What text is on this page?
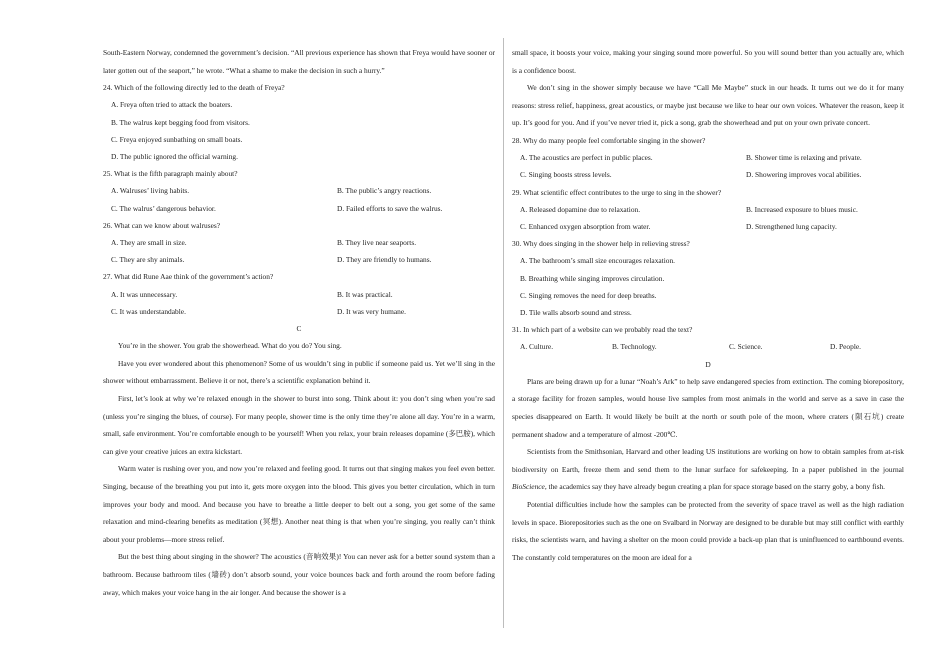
South-Eastern Norway, condemned the government’s decision. “All previous experience has shown that Freya would have sooner or later gotten out of the seaport,” he wrote. “What a shame to make the decision in such a hurry.”

24. Which of the following directly led to the death of Freya?

A. Freya often tried to attack the boaters.

B. The walrus kept begging food from visitors.

C. Freya enjoyed sunbathing on small boats.

D. The public ignored the official warning.

25. What is the fifth paragraph mainly about?

A. Walruses’ living habits.	B. The public’s angry reactions.
C. The walrus’ dangerous behavior.	D. Failed efforts to save the walrus.

26. What can we know about walruses?

A. They are small in size.	B. They live near seaports.
C. They are shy animals.	D. They are friendly to humans.

27. What did Rune Aae think of the government’s action?

A. It was unnecessary.	B. It was practical.
C. It was understandable.	D. It was very humane.

C

You’re in the shower. You grab the showerhead. What do you do? You sing.

Have you ever wondered about this phenomenon? Some of us wouldn’t sing in public if someone paid us. Yet we’ll sing in the shower without embarrassment. Believe it or not, there’s a scientific explanation behind it.

First, let’s look at why we’re relaxed enough in the shower to burst into song. Think about it: you don’t sing when you’re sad (unless you’re singing the blues, of course). For many people, shower time is the only time they’re alone all day. You’re in a warm, small, safe environment. You’re comfortable enough to be yourself! When you relax, your brain releases dopamine (多巴胺), which can give your creative juices an extra kickstart.

Warm water is rushing over you, and now you’re relaxed and feeling good. It turns out that singing makes you feel even better. Singing, because of the breathing you put into it, gets more oxygen into the blood. This gives you better circulation, which in turn improves your body and mood. And because you have to breathe a little deeper to belt out a song, you get some of the same relaxation and mind-clearing benefits as meditation (冥想). Another neat thing is that when you’re singing, you really can’t think about your problems—more stress relief.

But the best thing about singing in the shower? The acoustics (音响效果)! You can never ask for a better sound system than a bathroom. Because bathroom tiles (墙砖) don’t absorb sound, your voice bounces back and forth around the room before fading away, which makes your voice hang in the air longer. And because the shower is a

small space, it boosts your voice, making your singing sound more powerful. So you will sound better than you actually are, which is a confidence boost.

We don’t sing in the shower simply because we have “Call Me Maybe” stuck in our heads. It turns out we do it for many reasons: stress relief, happiness, great acoustics, or maybe just because we like to hear our own voices. Whatever the reason, keep it up. It’s good for you. And if you’ve never tried it, pick a song, grab the showerhead and put on your own private concert.

28. Why do many people feel comfortable singing in the shower?

A. The acoustics are perfect in public places.	B. Shower time is relaxing and private.
C. Singing boosts stress levels.	D. Showering improves vocal abilities.

29. What scientific effect contributes to the urge to sing in the shower?

A. Released dopamine due to relaxation.	B. Increased exposure to blues music.
C. Enhanced oxygen absorption from water.	D. Strengthened lung capacity.

30. Why does singing in the shower help in relieving stress?

A. The bathroom’s small size encourages relaxation.

B. Breathing while singing improves circulation.

C. Singing removes the need for deep breaths.

D. Tile walls absorb sound and stress.

31. In which part of a website can we probably read the text?

A. Culture.	B. Technology.	C. Science.	D. People.

D

Plans are being drawn up for a lunar “Noah’s Ark” to help save endangered species from extinction. The coming biorepository, a storage facility for frozen samples, would house live samples from most animals in the world and serve as a save in case the species disappeared on Earth. It would likely be built at the north or south pole of the moon, where craters (陨石坑) create permanent shadow and a temperature of almost -200℃.

Scientists from the Smithsonian, Harvard and other leading US institutions are working on how to obtain samples from at-risk biodiversity on Earth, freeze them and send them to the lunar surface for safekeeping. In a paper published in the journal BioScience, the academics say they have already begun creating a plan for space storage based on the starry goby, a bony fish.

Potential difficulties include how the samples can be protected from the severity of space travel as well as the high radiation levels in space. Biorepositories such as the one on Svalbard in Norway are designed to be durable but may still conflict with earthly risks, the scientists warn, and having a shelter on the moon could provide a back-up plan that is uninfluenced to earthbound events. The constantly cold temperatures on the moon are ideal for a
